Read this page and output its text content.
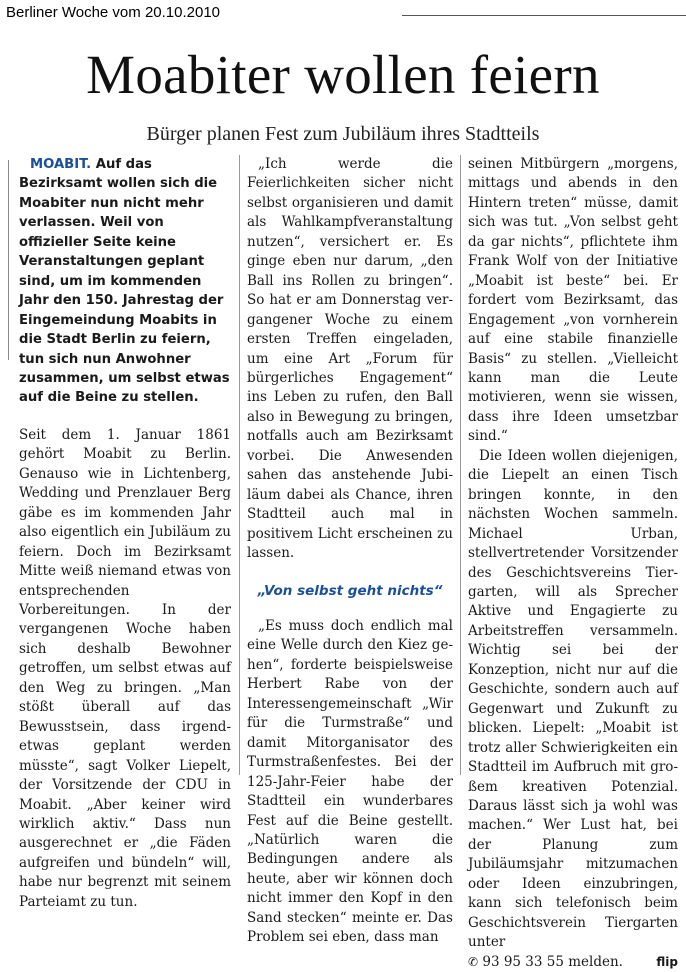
Berliner Woche vom 20.10.2010
Moabiter wollen feiern
Bürger planen Fest zum Jubiläum ihres Stadtteils

MOABIT. Auf das Bezirksamt wollen sich die Moabiter nun nicht mehr verlassen. Weil von offizieller Seite keine Veranstaltungen geplant sind, um im kommenden Jahr den 150. Jahrestag der Eingemeindung Moabits in die Stadt Berlin zu feiern, tun sich nun Anwohner zusammen, um selbst etwas auf die Beine zu stellen.

Seit dem 1. Januar 1861 gehört Moabit zu Berlin. Genauso wie in Lichtenberg, Wedding und Prenzlauer Berg gäbe es im kommenden Jahr also eigentlich ein Jubiläum zu feiern. Doch im Bezirksamt Mitte weiß niemand etwas von entsprechenden Vorbereitungen. In der vergangenen Woche haben sich deshalb Bewohner getroffen, um selbst etwas auf den Weg zu bringen. „Man stößt überall auf das Bewusstsein, dass irgendetwas geplant werden müsste“, sagt Volker Liepelt, der Vorsitzende der CDU in Moabit. „Aber keiner wird wirklich aktiv.“ Dass nun ausgerechnet er „die Fäden aufgreifen und bündeln“ will, habe nur begrenzt mit seinem Parteiamt zu tun.

„Ich werde die Feierlichkeiten sicher nicht selbst organisieren und damit als Wahlkampfveranstaltung nutzen“, versichert er. Es ginge eben nur darum, „den Ball ins Rollen zu bringen“. So hat er am Donnerstag vergangener Woche zu einem ersten Treffen eingeladen, um eine Art „Forum für bürgerliches Engagement“ ins Leben zu rufen, den Ball also in Bewegung zu bringen, notfalls auch am Bezirksamt vorbei. Die Anwesenden sahen das anstehende Jubiläum dabei als Chance, ihren Stadtteil auch mal in positivem Licht erscheinen zu lassen.

„Von selbst geht nichts“

„Es muss doch endlich mal eine Welle durch den Kiez gehen“, forderte beispielsweise Herbert Rabe von der Interessengemeinschaft „Wir für die Turmstraße“ und damit Mitorganisator des Turmstraßenfestes. Bei der 125-Jahr-Feier habe der Stadtteil ein wunderbares Fest auf die Beine gestellt. „Natürlich waren die Bedingungen andere als heute, aber wir können doch nicht immer den Kopf in den Sand stecken“ meinte er. Das Problem sei eben, dass man

seinen Mitbürgern „morgens, mittags und abends in den Hintern treten“ müsse, damit sich was tut. „Von selbst geht da gar nichts“, pflichtete ihm Frank Wolf von der Initiative „Moabit ist beste“ bei. Er fordert vom Bezirksamt, das Engagement „von vornherein auf eine stabile finanzielle Basis“ zu stellen. „Vielleicht kann man die Leute motivieren, wenn sie wissen, dass ihre Ideen umsetzbar sind.“

Die Ideen wollen diejenigen, die Liepelt an einen Tisch bringen konnte, in den nächsten Wochen sammeln. Michael Urban, stellvertretender Vorsitzender des Geschichtsvereins Tiergarten, will als Sprecher Aktive und Engagierte zu Arbeitstreffen versammeln. Wichtig sei bei der Konzeption, nicht nur auf die Geschichte, sondern auch auf Gegenwart und Zukunft zu blicken. Liepelt: „Moabit ist trotz aller Schwierigkeiten ein Stadtteil im Aufbruch mit großem kreativen Potenzial. Daraus lässt sich ja wohl was machen.“ Wer Lust hat, bei der Planung zum Jubiläumsjahr mitzumachen oder Ideen einzubringen, kann sich telefonisch beim Geschichtsverein Tiergarten unter

✆ 93 95 33 55 melden.	flip
